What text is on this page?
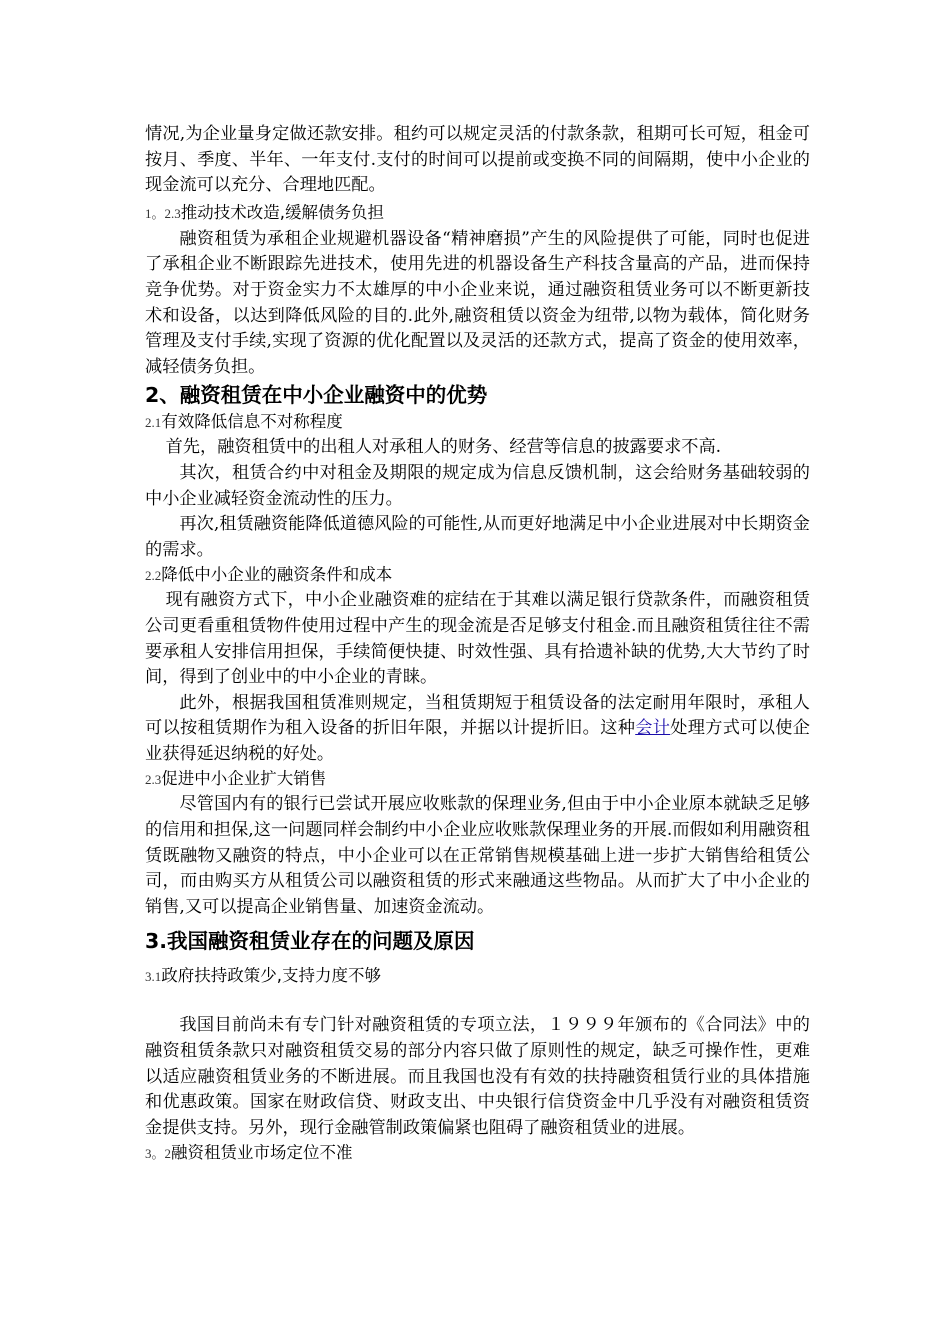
情况,为企业量身定做还款安排。租约可以规定灵活的付款条款，租期可长可短，租金可按月、季度、半年、一年支付.支付的时间可以提前或变换不同的间隔期，使中小企业的现金流可以充分、合理地匹配。

1。2.3推动技术改造,缓解债务负担

融资租赁为承租企业规避机器设备“精神磨损”产生的风险提供了可能，同时也促进了承租企业不断跟踪先进技术，使用先进的机器设备生产科技含量高的产品，进而保持竞争优势。对于资金实力不太雄厚的中小企业来说，通过融资租赁业务可以不断更新技术和设备，以达到降低风险的目的.此外,融资租赁以资金为纽带,以物为载体，简化财务管理及支付手续,实现了资源的优化配置以及灵活的还款方式，提高了资金的使用效率，减轻债务负担。

2、融资租赁在中小企业融资中的优势
2.1有效降低信息不对称程度

首先，融资租赁中的出租人对承租人的财务、经营等信息的披露要求不高.

其次，租赁合约中对租金及期限的规定成为信息反馈机制，这会给财务基础较弱的中小企业减轻资金流动性的压力。

再次,租赁融资能降低道德风险的可能性,从而更好地满足中小企业进展对中长期资金的需求。

2.2降低中小企业的融资条件和成本

现有融资方式下，中小企业融资难的症结在于其难以满足银行贷款条件，而融资租赁公司更看重租赁物件使用过程中产生的现金流是否足够支付租金.而且融资租赁往往不需要承租人安排信用担保，手续简便快捷、时效性强、具有拾遗补缺的优势,大大节约了时间，得到了创业中的中小企业的青睐。

此外，根据我国租赁准则规定，当租赁期短于租赁设备的法定耐用年限时，承租人可以按租赁期作为租入设备的折旧年限，并据以计提折旧。这种会计处理方式可以使企业获得延迟纳税的好处。

2.3促进中小企业扩大销售

尽管国内有的银行已尝试开展应收账款的保理业务,但由于中小企业原本就缺乏足够的信用和担保,这一问题同样会制约中小企业应收账款保理业务的开展.而假如利用融资租赁既融物又融资的特点，中小企业可以在正常销售规模基础上进一步扩大销售给租赁公司，而由购买方从租赁公司以融资租赁的形式来融通这些物品。从而扩大了中小企业的销售,又可以提高企业销售量、加速资金流动。

3.我国融资租赁业存在的问题及原因
3.1政府扶持政策少,支持力度不够

我国目前尚未有专门针对融资租赁的专项立法，１９９９年颁布的《合同法》中的融资租赁条款只对融资租赁交易的部分内容只做了原则性的规定，缺乏可操作性，更难以适应融资租赁业务的不断进展。而且我国也没有有效的扶持融资租赁行业的具体措施和优惠政策。国家在财政信贷、财政支出、中央银行信贷资金中几乎没有对融资租赁资金提供支持。另外，现行金融管制政策偏紧也阻碍了融资租赁业的进展。

3。2融资租赁业市场定位不准
